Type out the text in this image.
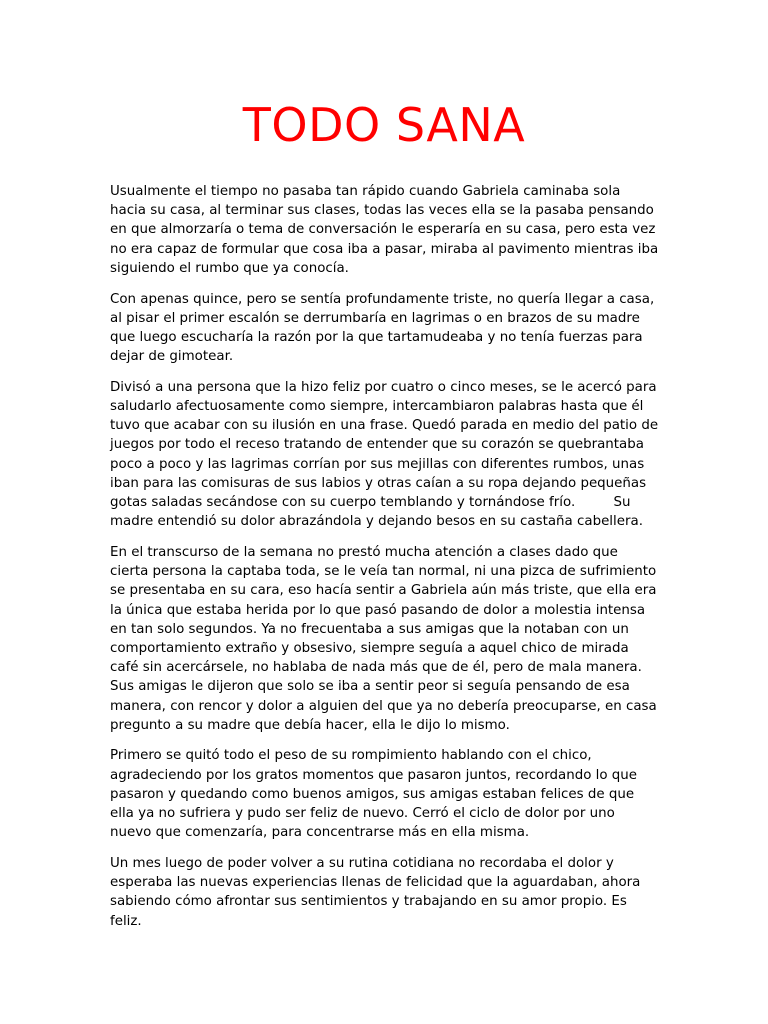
TODO SANA

Usualmente el tiempo no pasaba tan rápido cuando Gabriela caminaba sola hacia su casa, al terminar sus clases, todas las veces ella se la pasaba pensando en que almorzaría o tema de conversación le esperaría en su casa, pero esta vez no era capaz de formular que cosa iba a pasar, miraba al pavimento mientras iba siguiendo el rumbo que ya conocía.

Con apenas quince, pero se sentía profundamente triste, no quería llegar a casa, al pisar el primer escalón se derrumbaría en lagrimas o en brazos de su madre que luego escucharía la razón por la que tartamudeaba y no tenía fuerzas para dejar de gimotear.

Divisó a una persona que la hizo feliz por cuatro o cinco meses, se le acercó para saludarlo afectuosamente como siempre, intercambiaron palabras hasta que él tuvo que acabar con su ilusión en una frase. Quedó parada en medio del patio de juegos por todo el receso tratando de entender que su corazón se quebrantaba poco a poco y las lagrimas corrían por sus mejillas con diferentes rumbos, unas iban para las comisuras de sus labios y otras caían a su ropa dejando pequeñas gotas saladas secándose con su cuerpo temblando y tornándose frío.         Su madre entendió su dolor abrazándola y dejando besos en su castaña cabellera.

En el transcurso de la semana no prestó mucha atención a clases dado que cierta persona la captaba toda, se le veía tan normal, ni una pizca de sufrimiento se presentaba en su cara, eso hacía sentir a Gabriela aún más triste, que ella era la única que estaba herida por lo que pasó pasando de dolor a molestia intensa en tan solo segundos. Ya no frecuentaba a sus amigas que la notaban con un comportamiento extraño y obsesivo, siempre seguía a aquel chico de mirada café sin acercársele, no hablaba de nada más que de él, pero de mala manera. Sus amigas le dijeron que solo se iba a sentir peor si seguía pensando de esa manera, con rencor y dolor a alguien del que ya no debería preocuparse, en casa pregunto a su madre que debía hacer, ella le dijo lo mismo.

Primero se quitó todo el peso de su rompimiento hablando con el chico, agradeciendo por los gratos momentos que pasaron juntos, recordando lo que pasaron y quedando como buenos amigos, sus amigas estaban felices de que ella ya no sufriera y pudo ser feliz de nuevo. Cerró el ciclo de dolor por uno nuevo que comenzaría, para concentrarse más en ella misma.

Un mes luego de poder volver a su rutina cotidiana no recordaba el dolor y esperaba las nuevas experiencias llenas de felicidad que la aguardaban, ahora sabiendo cómo afrontar sus sentimientos y trabajando en su amor propio. Es feliz.
